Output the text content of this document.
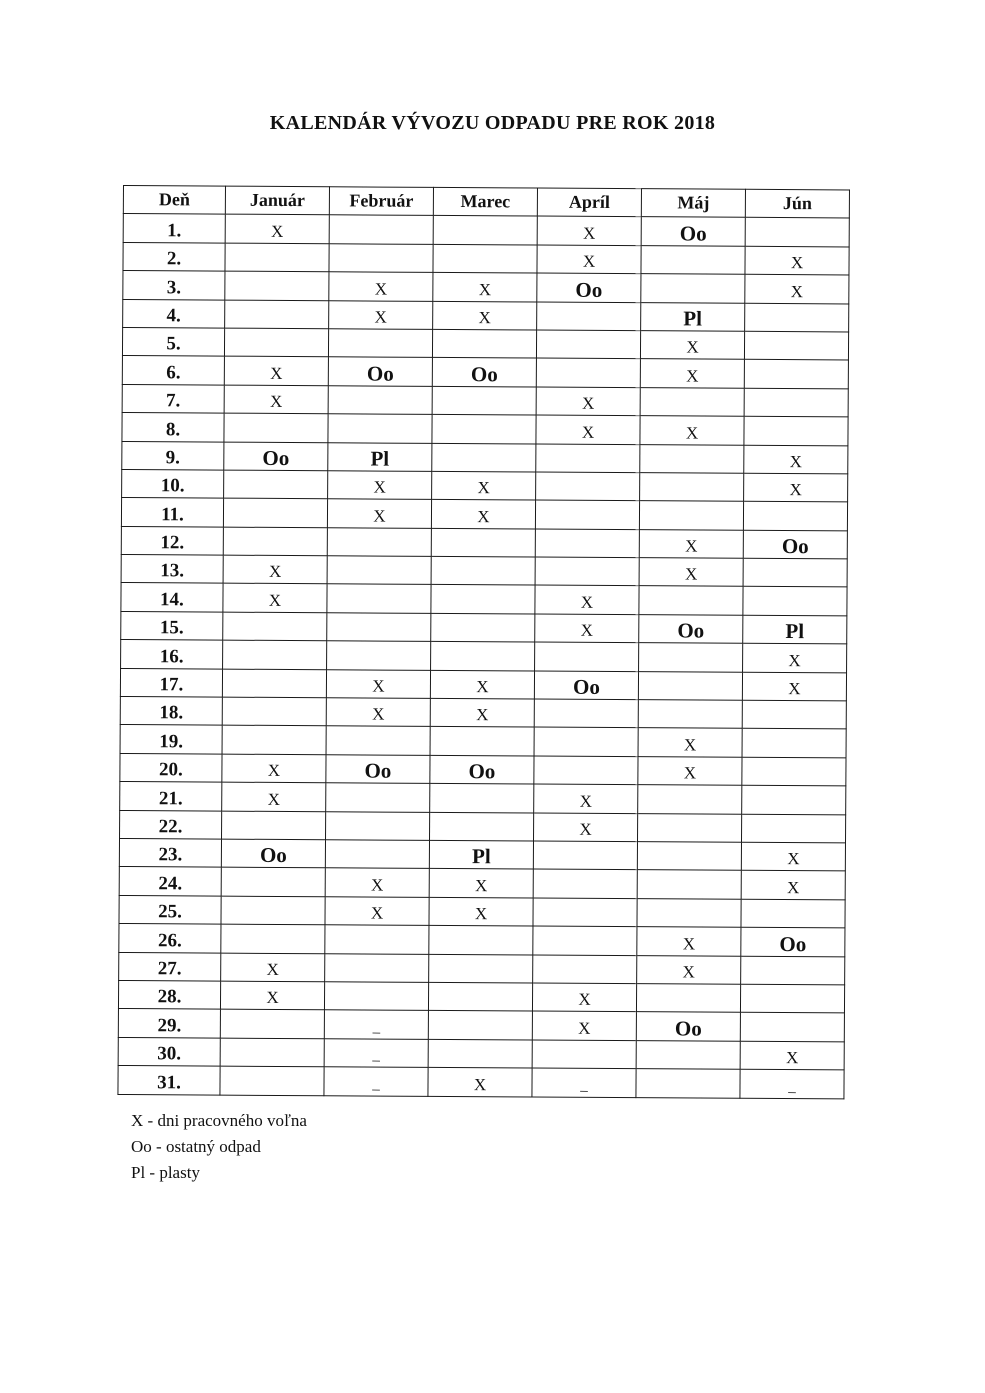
KALENDÁR VÝVOZU ODPADU PRE ROK 2018
Deň	Január	Február	Marec	Apríl	Máj	Jún
1.	X			X	Oo	
2.				X		X
3.		X	X	Oo		X
4.		X	X		Pl	
5.					X	
6.	X	Oo	Oo		X	
7.	X			X		
8.				X	X	
9.	Oo	Pl				X
10.		X	X			X
11.		X	X			
12.					X	Oo
13.	X				X	
14.	X			X		
15.				X	Oo	Pl
16.						X
17.		X	X	Oo		X
18.		X	X			
19.					X	
20.	X	Oo	Oo		X	
21.	X			X		
22.				X		
23.	Oo		Pl			X
24.		X	X			X
25.		X	X			
26.					X	Oo
27.	X				X	
28.	X			X		
29.		_		X	Oo	
30.		_				X
31.		_	X	_		_
X - dni pracovného voľna
Oo - ostatný odpad
Pl - plasty
